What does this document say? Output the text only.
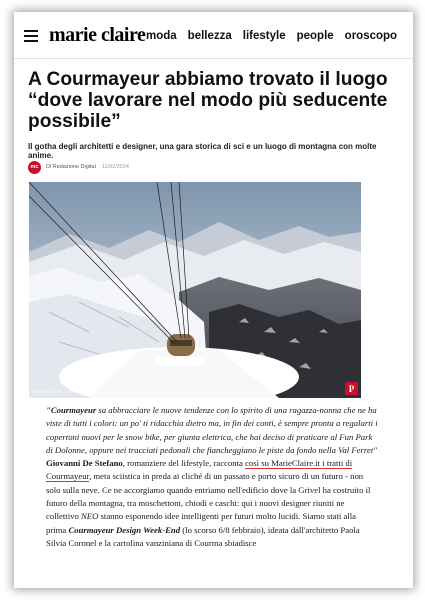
marie claire moda bellezza lifestyle people oroscopo
A Courmayeur abbiamo trovato il luogo “dove lavorare nel modo più seducente possibile”

Il gotha degli architetti e designer, una gara storica di sci e un luogo di montagna con molte anime.

mc	Di Redazione Digital 11/02/2024
GIAN MECCIPI / GETTY IMAGES	P

"Courmayeur sa abbracciare le nuove tendenze con lo spirito di una ragazza-nonna che ne ha viste di tutti i colori: un po' ti ridacchia dietro ma, in fin dei conti, è sempre pronta a regalarti i copertoni nuovi per le snow bike, per giunta elettrica, che hai deciso di praticare al Fun Park di Dolonne, oppure nei tracciati pedonali che fiancheggiano le piste da fondo nella Val Ferret" Giovanni De Stefano, romanziere del lifestyle, racconta così su MarieClaire.it i tratti di Courmayeur, meta sciistica in preda ai cliché di un passato e porto sicuro di un futuro - non solo sulla neve. Ce ne accorgiamo quando entriamo nell'edificio dove la Grivel ha costruito il futuro della montagna, tra moschettoni, chiodi e caschi: qui i nuovi designer riuniti ne collettivo NEO stanno esponendo idee intelligenti per futuri molto lucidi. Siamo stati alla prima Courmayeur Design Week-End (lo scorso 6/8 febbraio), ideata dall'architetto Paola Silvia Coronel e la cartolina vanziniana di Courma sbiadisce
